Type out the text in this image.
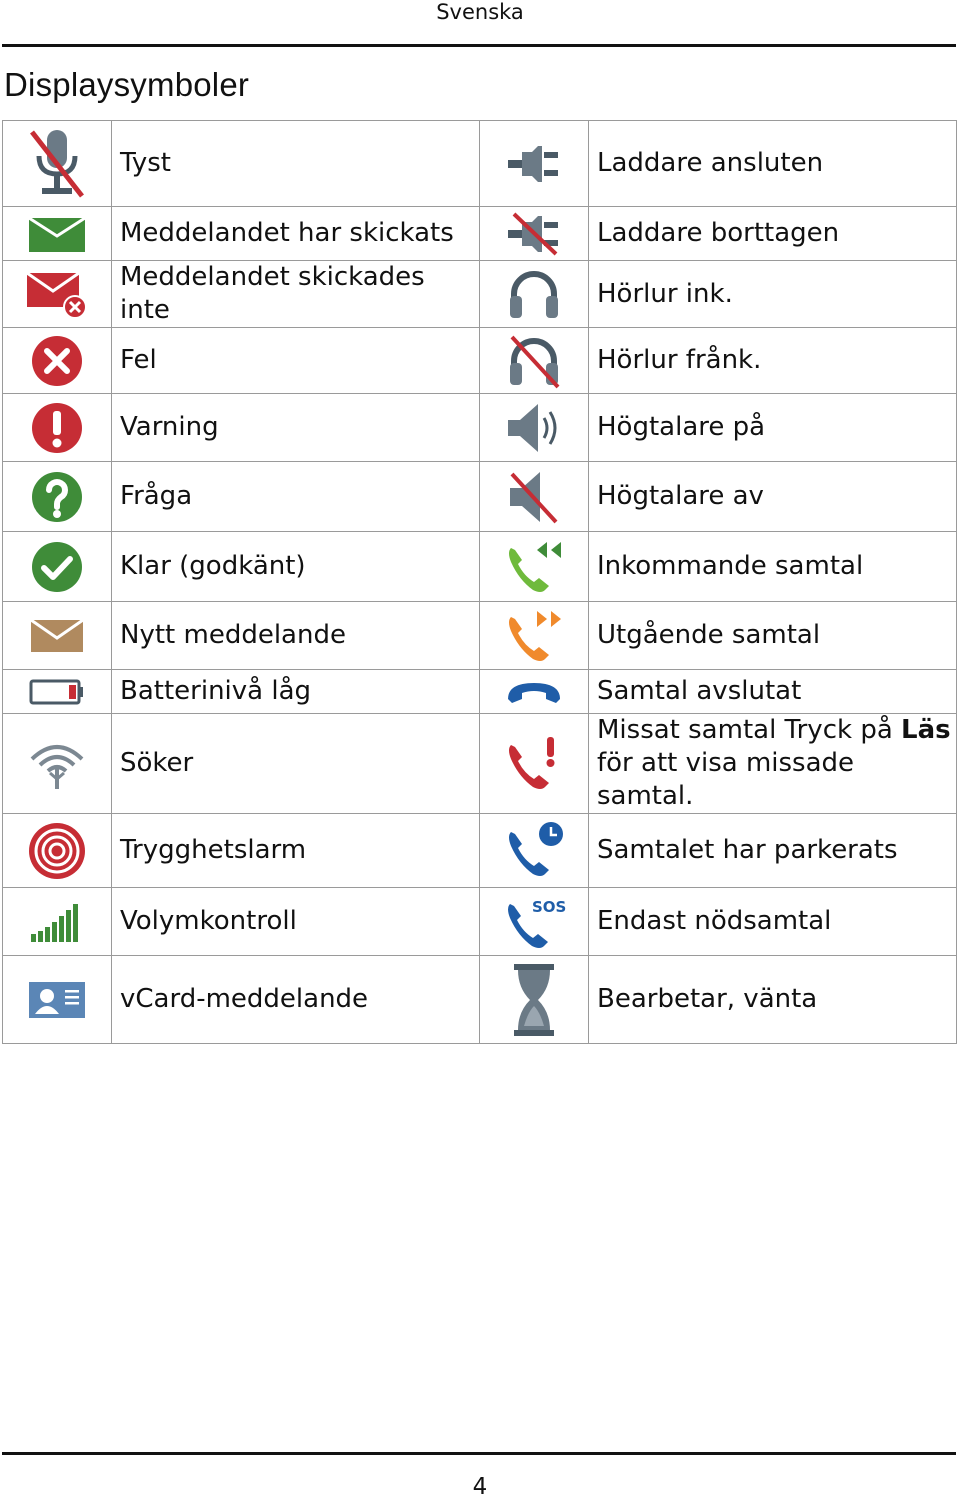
Svenska
Displaysymboler
	Tyst		Laddare ansluten

	Meddelandet har skickats		Laddare borttagen

	Meddelandet skickades inte		Hörlur ink.

	Fel		Hörlur frånk.

	Varning		Högtalare på

	Fråga		Högtalare av

	Klar (godkänt)		Inkommande samtal

	Nytt meddelande		Utgående samtal

	Batterinivå låg		Samtal avslutat

	Söker		Missat samtal Tryck på Läs
för att visa missade samtal.

	Trygghetslarm		Samtalet har parkerats

	Volymkontroll	SOS	Endast nödsamtal

	vCard-meddelande		Bearbetar, vänta
4
